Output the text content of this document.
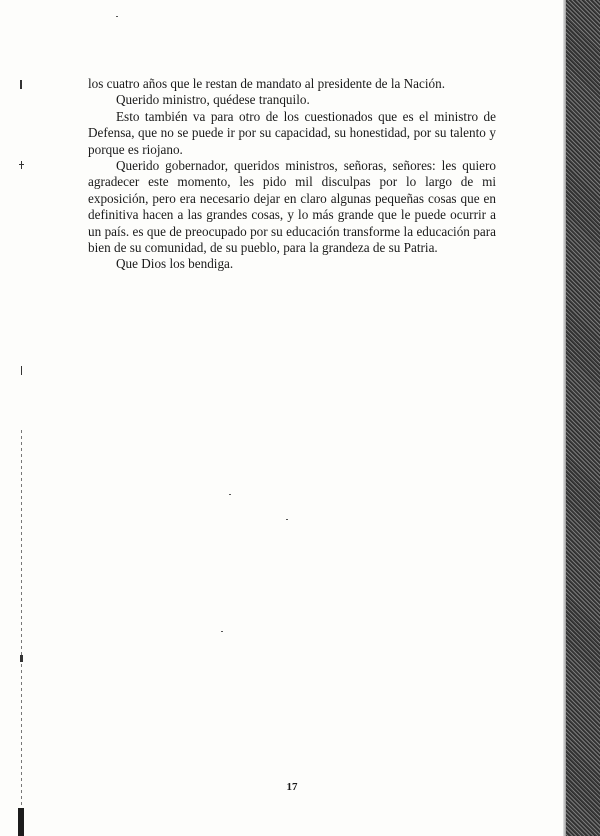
los cuatro años que le restan de mandato al presidente de la Nación.

Querido ministro, quédese tranquilo.

Esto también va para otro de los cuestionados que es el ministro de Defensa, que no se puede ir por su capacidad, su honestidad, por su talento y porque es riojano.

Querido gobernador, queridos ministros, señoras, señores: les quiero agradecer este momento, les pido mil disculpas por lo largo de mi exposición, pero era necesario dejar en claro algunas pequeñas cosas que en definitiva hacen a las grandes cosas, y lo más grande que le puede ocurrir a un país. es que de preocupado por su educación transforme la educación para bien de su comunidad, de su pueblo, para la grandeza de su Patria.

Que Dios los bendiga.

17
